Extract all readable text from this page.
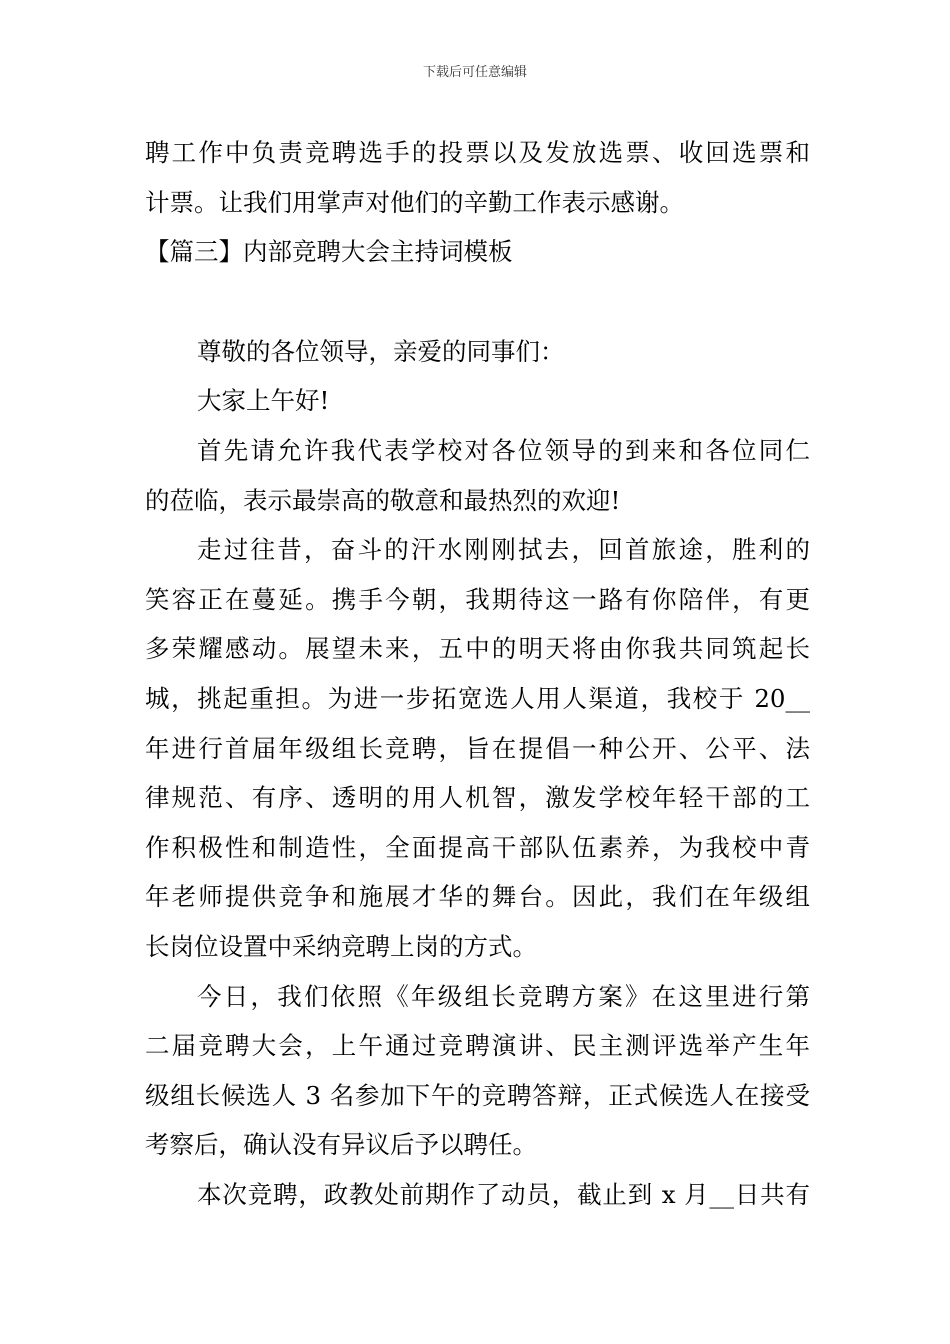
下载后可任意编辑
聘工作中负责竞聘选手的投票以及发放选票、收回选票和
计票。让我们用掌声对他们的辛勤工作表示感谢。
【篇三】内部竞聘大会主持词模板
尊敬的各位领导，亲爱的同事们：
大家上午好!
首先请允许我代表学校对各位领导的到来和各位同仁
的莅临，表示最崇高的敬意和最热烈的欢迎!
走过往昔，奋斗的汗水刚刚拭去，回首旅途，胜利的
笑容正在蔓延。携手今朝，我期待这一路有你陪伴，有更
多荣耀感动。展望未来，五中的明天将由你我共同筑起长
城，挑起重担。为进一步拓宽选人用人渠道，我校于 20__
年进行首届年级组长竞聘，旨在提倡一种公开、公平、法
律规范、有序、透明的用人机智，激发学校年轻干部的工
作积极性和制造性，全面提高干部队伍素养，为我校中青
年老师提供竞争和施展才华的舞台。因此，我们在年级组
长岗位设置中采纳竞聘上岗的方式。
今日，我们依照《年级组长竞聘方案》在这里进行第
二届竞聘大会，上午通过竞聘演讲、民主测评选举产生年
级组长候选人 3 名参加下午的竞聘答辩，正式候选人在接受
考察后，确认没有异议后予以聘任。
本次竞聘，政教处前期作了动员，截止到 x 月__日共有
